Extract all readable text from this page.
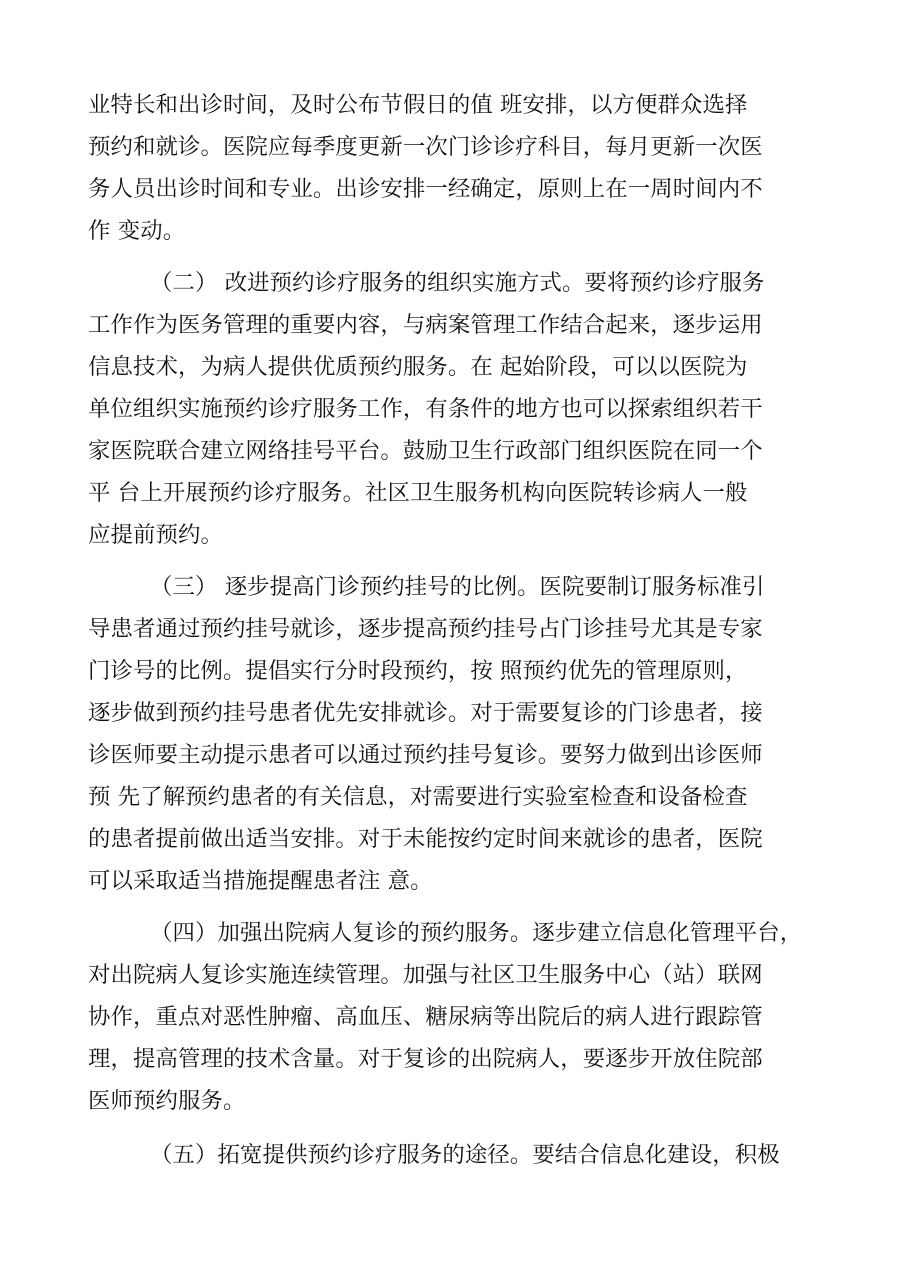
业特长和出诊时间，及时公布节假日的值 班安排，以方便群众选择
预约和就诊。医院应每季度更新一次门诊诊疗科目，每月更新一次医
务人员出诊时间和专业。出诊安排一经确定，原则上在一周时间内不
作 变动。
（二） 改进预约诊疗服务的组织实施方式。要将预约诊疗服务
工作作为医务管理的重要内容，与病案管理工作结合起来，逐步运用
信息技术，为病人提供优质预约服务。在 起始阶段，可以以医院为
单位组织实施预约诊疗服务工作，有条件的地方也可以探索组织若干
家医院联合建立网络挂号平台。鼓励卫生行政部门组织医院在同一个
平 台上开展预约诊疗服务。社区卫生服务机构向医院转诊病人一般
应提前预约。
（三） 逐步提高门诊预约挂号的比例。医院要制订服务标准引
导患者通过预约挂号就诊，逐步提高预约挂号占门诊挂号尤其是专家
门诊号的比例。提倡实行分时段预约，按 照预约优先的管理原则，
逐步做到预约挂号患者优先安排就诊。对于需要复诊的门诊患者，接
诊医师要主动提示患者可以通过预约挂号复诊。要努力做到出诊医师
预 先了解预约患者的有关信息，对需要进行实验室检查和设备检查
的患者提前做出适当安排。对于未能按约定时间来就诊的患者，医院
可以采取适当措施提醒患者注 意。
（四）加强出院病人复诊的预约服务。逐步建立信息化管理平台，
对出院病人复诊实施连续管理。加强与社区卫生服务中心（站）联网
协作，重点对恶性肿瘤、高血压、糖尿病等出院后的病人进行跟踪管
理，提高管理的技术含量。对于复诊的出院病人，要逐步开放住院部
医师预约服务。
（五）拓宽提供预约诊疗服务的途径。要结合信息化建设，积极
